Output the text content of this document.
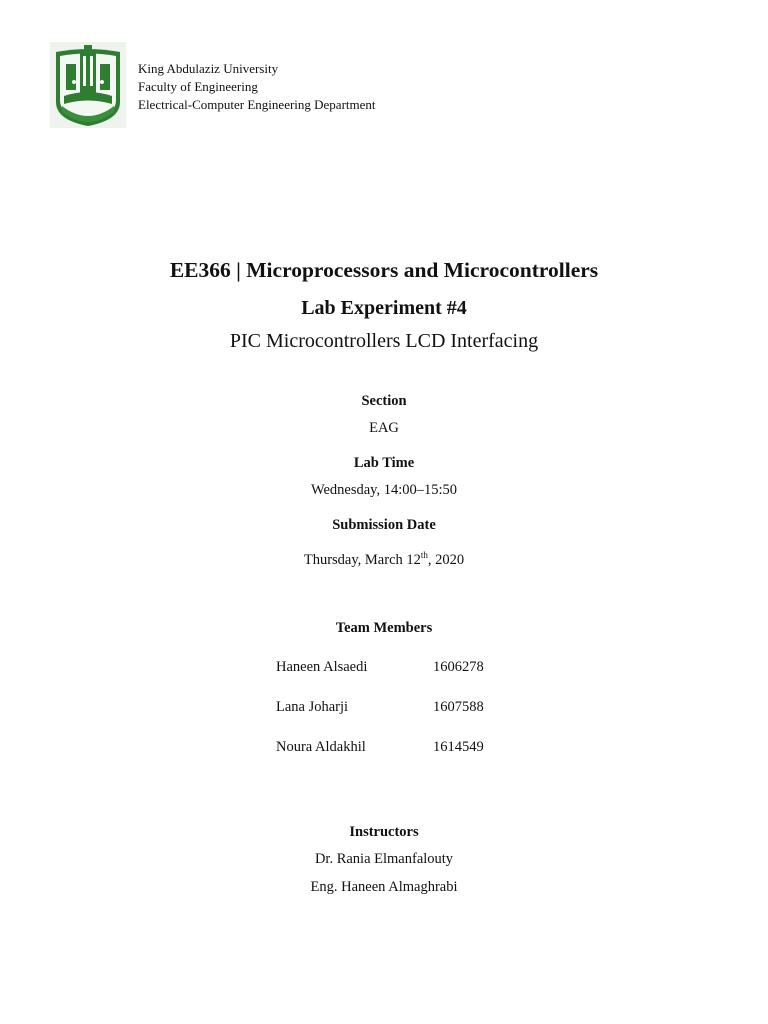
King Abdulaziz University
Faculty of Engineering
Electrical-Computer Engineering Department
EE366 | Microprocessors and Microcontrollers
Lab Experiment #4
PIC Microcontrollers LCD Interfacing
Section
EAG
Lab Time
Wednesday, 14:00–15:50
Submission Date
Thursday, March 12th, 2020
Team Members
Haneen Alsaedi	1606278
Lana Joharji	1607588
Noura Aldakhil	1614549
Instructors
Dr. Rania Elmanfalouty
Eng. Haneen Almaghrabi
